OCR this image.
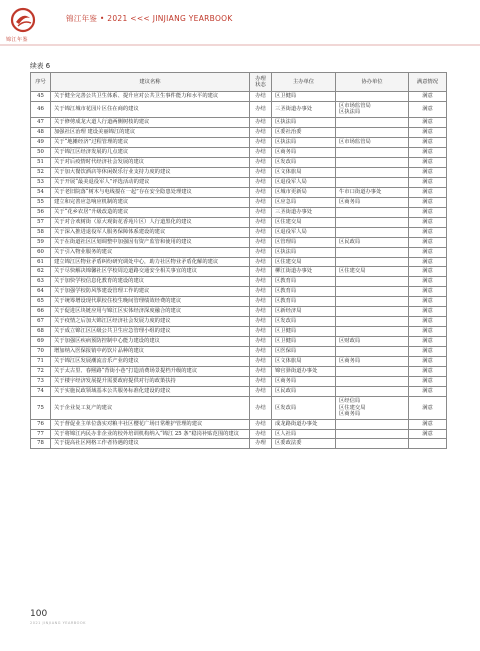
锦江年鉴
锦江年鉴 • 2021 <<< JINJIANG YEARBOOK
续表 6
序号	建议名称	办理
状态	主办单位	协办单位	满意情况
45	关于健全完善公共卫生体系、提升应对公共卫生事件能力和水平的建议	办结	区卫健局		满意
46	关于锦江城市花园片区住在商的建议	办结	三圣街道办事处	区市场监管局
区执法局	满意
47	关于修剪成龙大道人行道两侧树枝的建议	办结	区执法局		满意
48	加强社区治理 建设美丽锦江的建议	办结	区委社治委		满意
49	关于“地摊经济”过程管理的建议	办结	区执法局	区市场监管局	满意
50	关于锦江区经济发展的几点建议	办结	区商务局		满意
51	关于对后疫情时代经济社会发展的建议	办结	区发改局		满意
52	关于加大餐饮酒店等休闲娱乐行业支持力度的建议	办结	区文体旅局		满意
53	关于开展“最美退役军人”评选活动的建议	办结	区退役军人局		满意
54	关于老旧院落“树木与电线搅在一起”存在安全隐患处理建议	办结	区城市更新局	牛市口街道办事处	满意
55	建立和完善应急响应机制的建议	办结	区应急局	区商务局	满意
56	关于“花乡农居”升级改造的建议	办结	三圣街道办事处		满意
57	关于对合欢树街（原大观街花香苑片区）人行道黑化的建议	办结	区住建交局		满意
58	关于深入推进退役军人服务保障体系建设的建议	办结	区退役军人局		满意
59	关于在街道社区区划调整中加强因有资产监管和使用的建议	办结	区管理局	区民政局	满意
60	关于引入物业服务的建议	办结	区执法局		满意
61	建立锦江区物业矛盾纠纷研究调处中心，助力社区物业矛盾化解的建议	办结	区住建交局		满意
62	关于尽快解决锦馨社区学校周边道路交通安全相关事宜的建议	办结	柳江街道办事处	区住建交局	满意
63	关于加快学校信息化教育的建设的建议	办结	区教育局		满意
64	关于加强学校防风筝建设管理工作的建议	办结	区教育局		满意
65	关于统筹增设现代职校住校生晚间管理绩效经费的建议	办结	区教育局		满意
66	关于促进区块链应用与锦江区实体经济深度融合的建议	办结	区新经济局		满意
67	关于疫情之后加大锦江区经济社会发展力度的建议	办结	区发改局		满意
68	关于成立锦江区区级公共卫生应急管理小组的建议	办结	区卫健局		满意
69	关于加强区疾病预防控制中心能力建设的建议	办结	区卫健局	区财政局	满意
70	增加纳入医保报销中药饮片品种的建议	办结	区医保局		满意
71	关于锦江区发展潮流音乐产业的建议	办结	区文体旅局	区商务局	满意
72	关于太古里、春熙路“背街小巷”打造消费场景提档升级的建议	办结	锦官驿街道办事处		满意
73	关于楼宇经济发展提升需要政府提供对行的政策扶持	办结	区商务局		满意
74	关于实施民政领域基本公共服务标准化建设的建议	办结	区民政局		满意
75	关于企业复工复产的建议	办结	区发改局	区经信局
区住建交局
区商务局	满意
76	关于督促业主单位落实对粮丰社区樱花广场日常维护管理的建议	办结	成龙路街道办事处		满意
77	关于将锦江内民办非企业的校外培训机构纳入“锦江 25 条”稳岗补贴范围的建议	办结	区人社局		满意
78	关于提高社区网格工作者待遇的建议	办理	区委政法委		
100
2021 JINJIANG YEARBOOK
